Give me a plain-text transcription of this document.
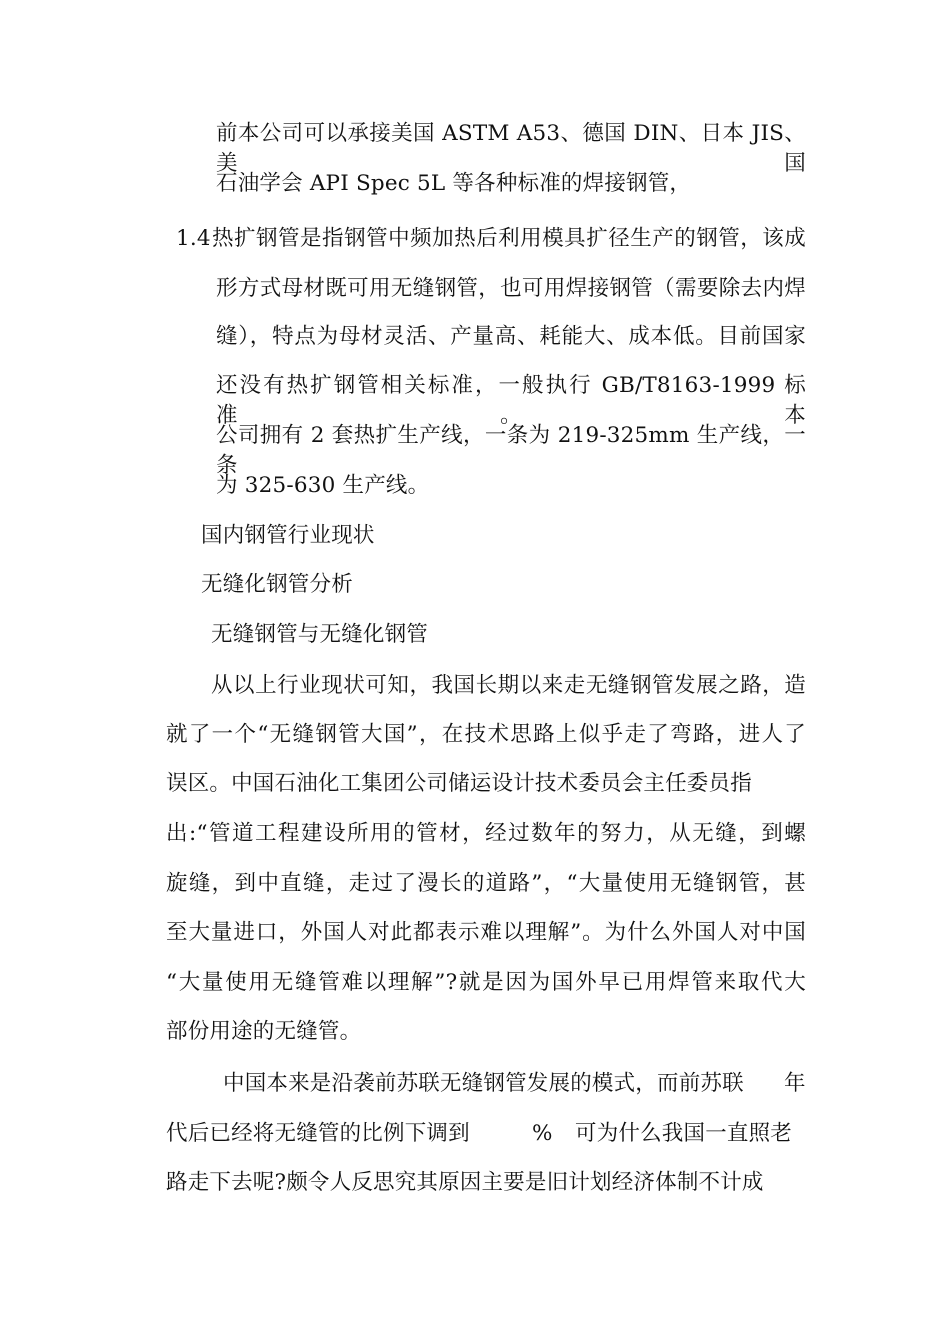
前本公司可以承接美国 ASTM A53、德国 DIN、日本 JIS、美国
石油学会 API Spec 5L 等各种标准的焊接钢管，
1.4 热扩钢管是指钢管中频加热后利用模具扩径生产的钢管，该成
形方式母材既可用无缝钢管，也可用焊接钢管（需要除去内焊
缝），特点为母材灵活、产量高、耗能大、成本低。目前国家
还没有热扩钢管相关标准，一般执行 GB/T8163-1999 标准。本
公司拥有 2 套热扩生产线，一条为 219-325mm 生产线，一条
为 325-630 生产线。
国内钢管行业现状
无缝化钢管分析
无缝钢管与无缝化钢管
从以上行业现状可知，我国长期以来走无缝钢管发展之路，造
就了一个“无缝钢管大国”，在技术思路上似乎走了弯路，进人了
误区。中国石油化工集团公司储运设计技术委员会主任委员指
出:“管道工程建设所用的管材，经过数年的努力，从无缝，到螺
旋缝，到中直缝，走过了漫长的道路”，“大量使用无缝钢管，甚
至大量进口，外国人对此都表示难以理解”。为什么外国人对中国
“大量使用无缝管难以理解”?就是因为国外早已用焊管来取代大
部份用途的无缝管。
中国本来是沿袭前苏联无缝钢管发展的模式，而前苏联 年
代后已经将无缝管的比例下调到	% 可为什么我国一直照老
路走下去呢?颇令人反思究其原因主要是旧计划经济体制不计成
